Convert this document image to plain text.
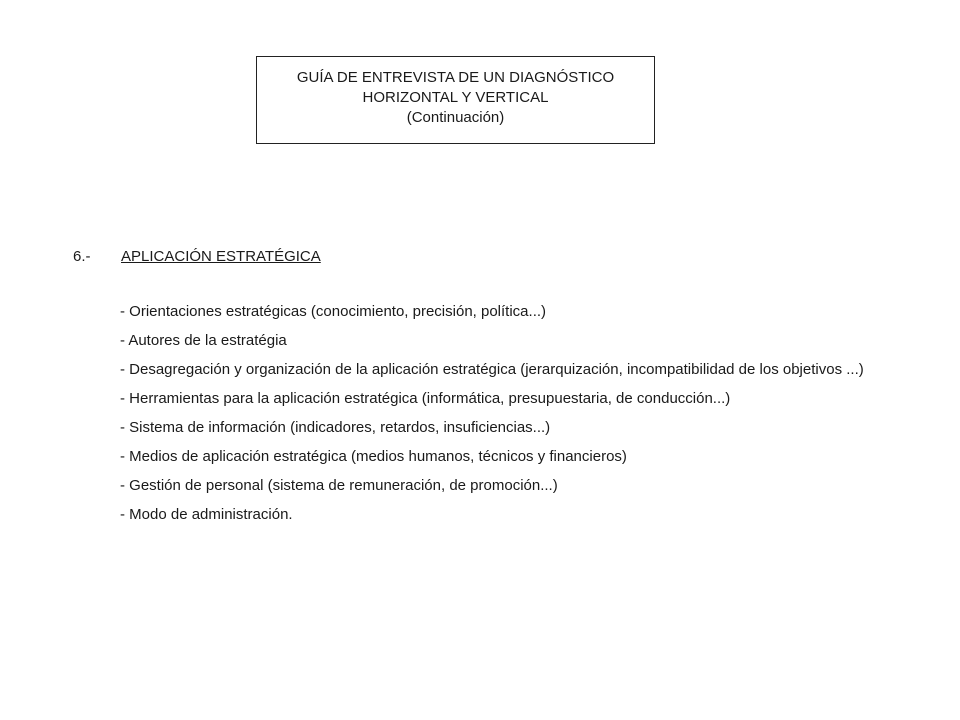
GUÍA DE ENTREVISTA DE UN DIAGNÓSTICO
HORIZONTAL Y VERTICAL
(Continuación)
6.- APLICACIÓN ESTRATÉGICA
- Orientaciones estratégicas (conocimiento, precisión, política...)
- Autores de la estratégia
- Desagregación y organización de la aplicación estratégica (jerarquización, incompatibilidad de los objetivos ...)
- Herramientas para la aplicación estratégica (informática, presupuestaria, de conducción...)
- Sistema de información (indicadores, retardos, insuficiencias...)
- Medios de aplicación estratégica (medios humanos, técnicos y financieros)
- Gestión de personal (sistema de remuneración, de promoción...)
- Modo de administración.
